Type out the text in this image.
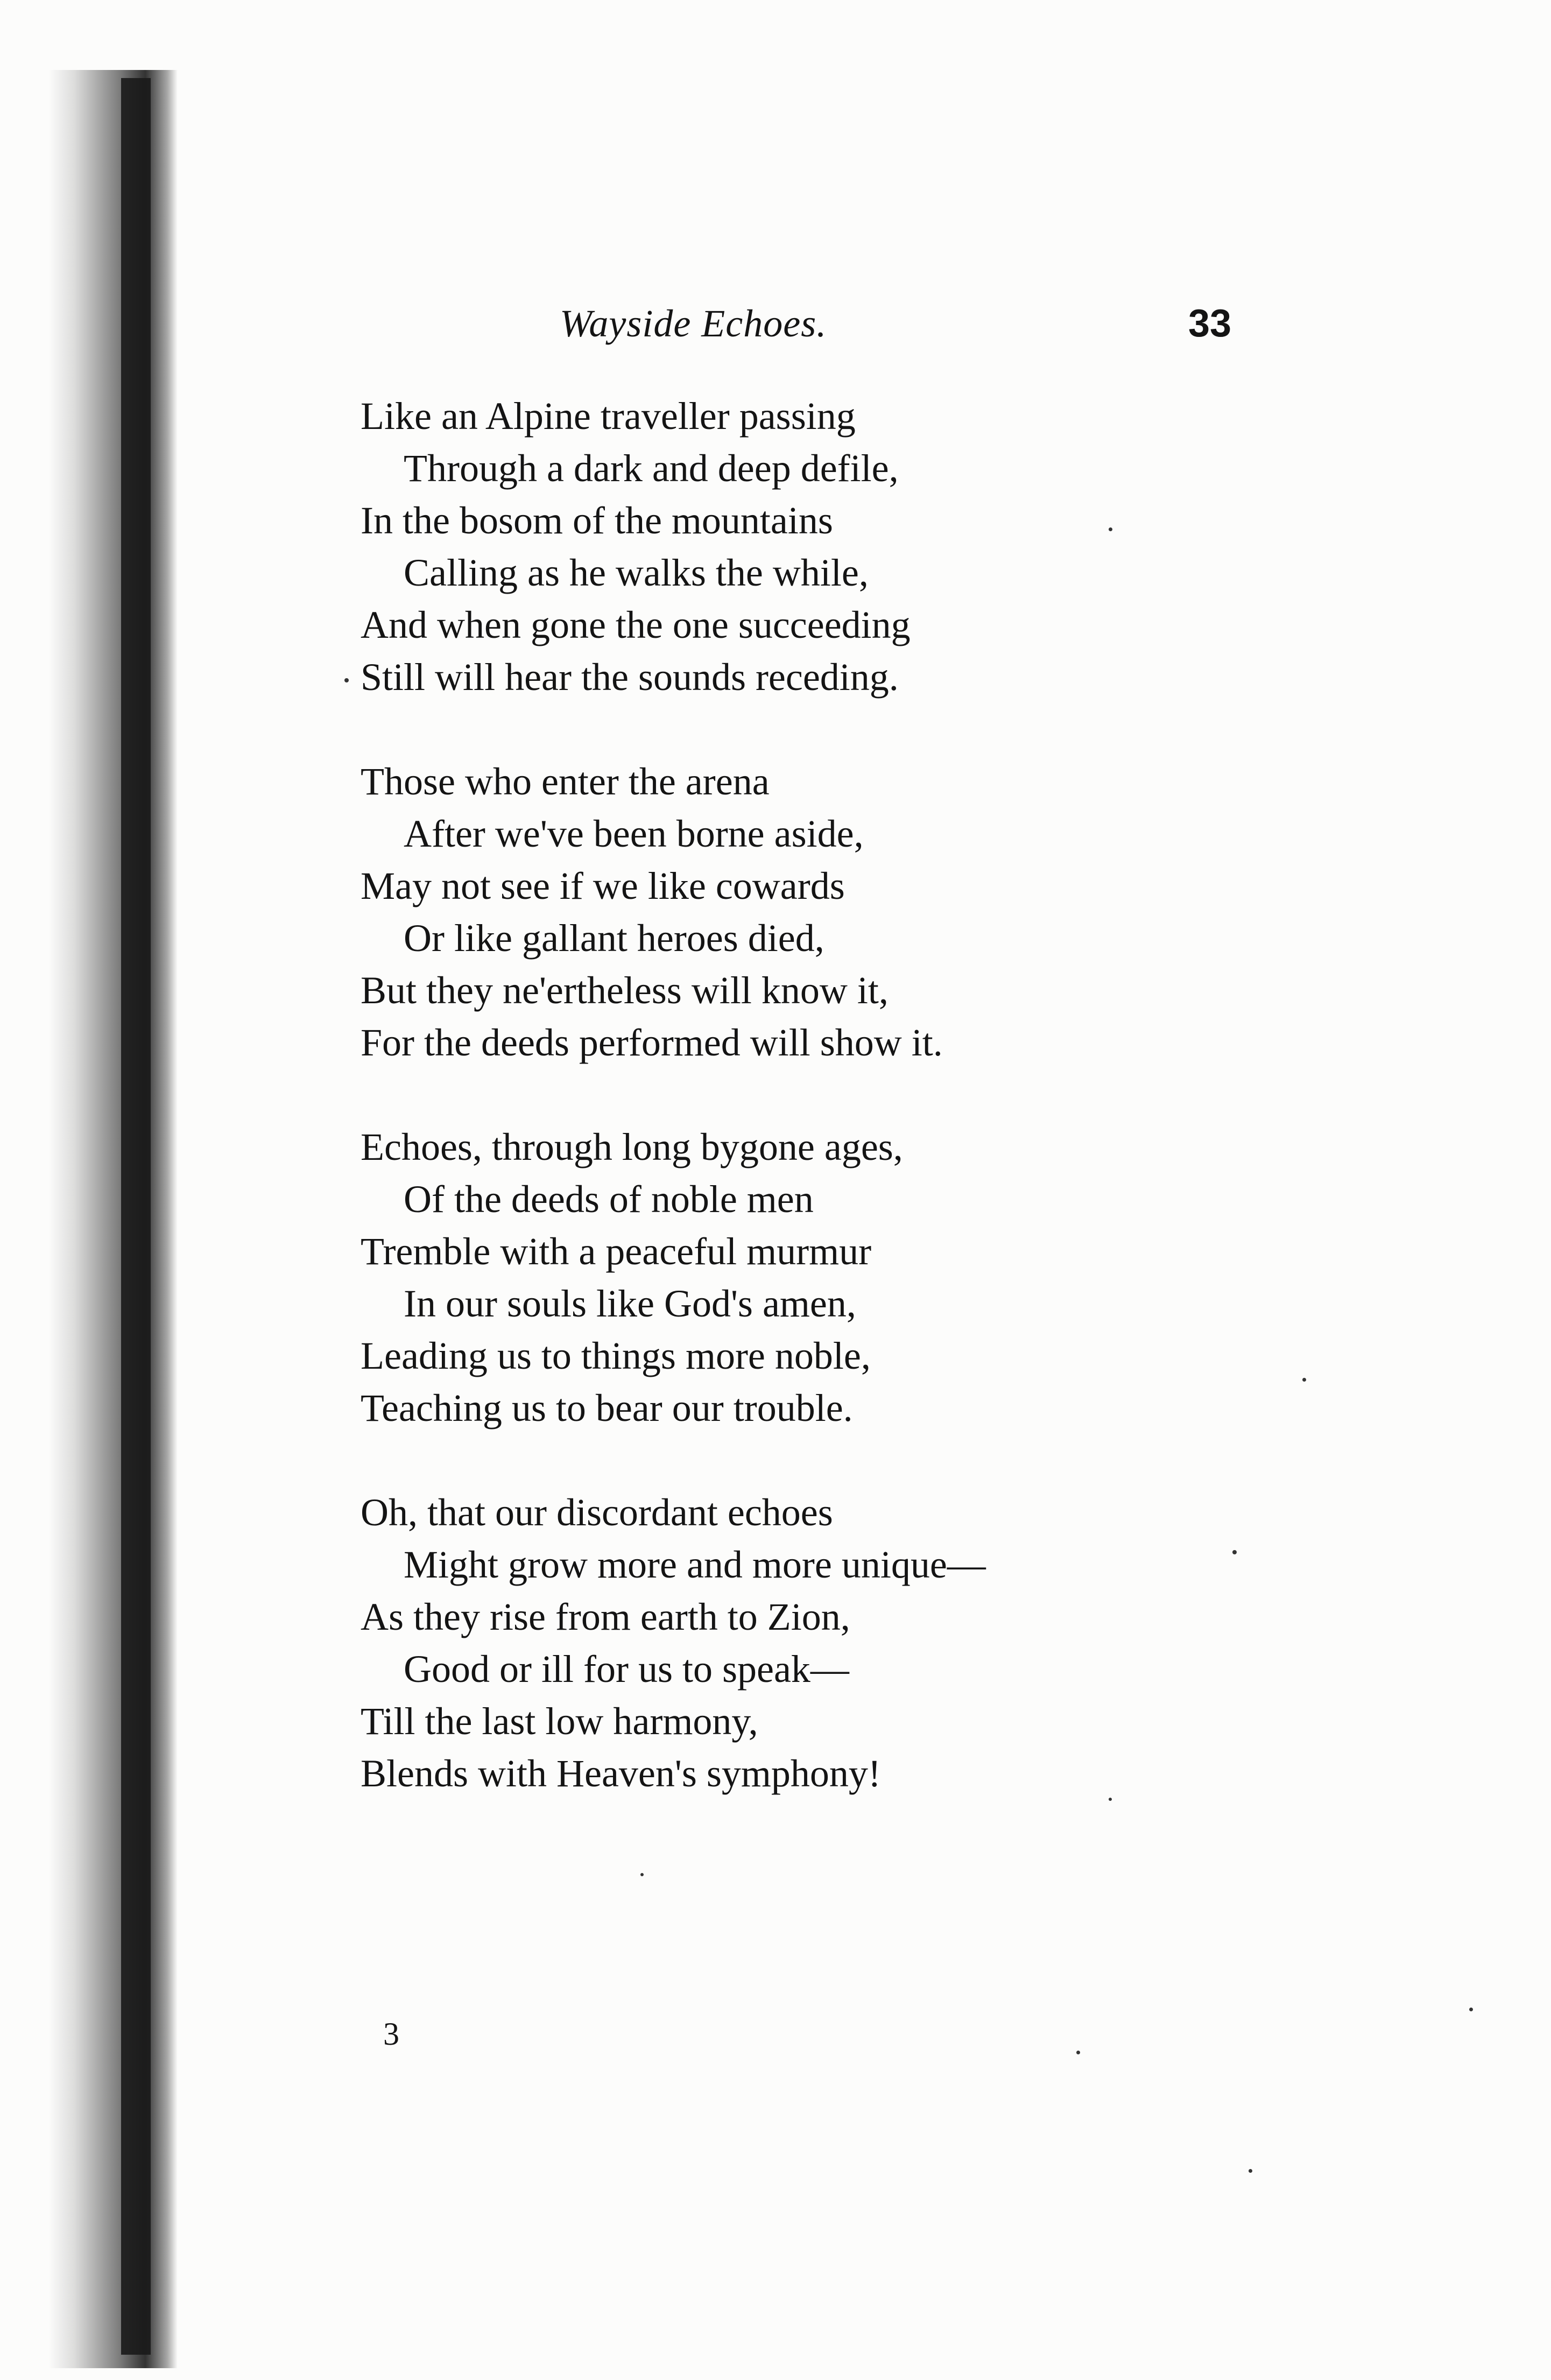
Wayside Echoes.	33
Like an Alpine traveller passing
Through a dark and deep defile,
In the bosom of the mountains
Calling as he walks the while,
And when gone the one succeeding
Still will hear the sounds receding.
Those who enter the arena
After we've been borne aside,
May not see if we like cowards
Or like gallant heroes died,
But they ne'ertheless will know it,
For the deeds performed will show it.
Echoes, through long bygone ages,
Of the deeds of noble men
Tremble with a peaceful murmur
In our souls like God's amen,
Leading us to things more noble,
Teaching us to bear our trouble.
Oh, that our discordant echoes
Might grow more and more unique—
As they rise from earth to Zion,
Good or ill for us to speak—
Till the last low harmony,
Blends with Heaven's symphony!
3
